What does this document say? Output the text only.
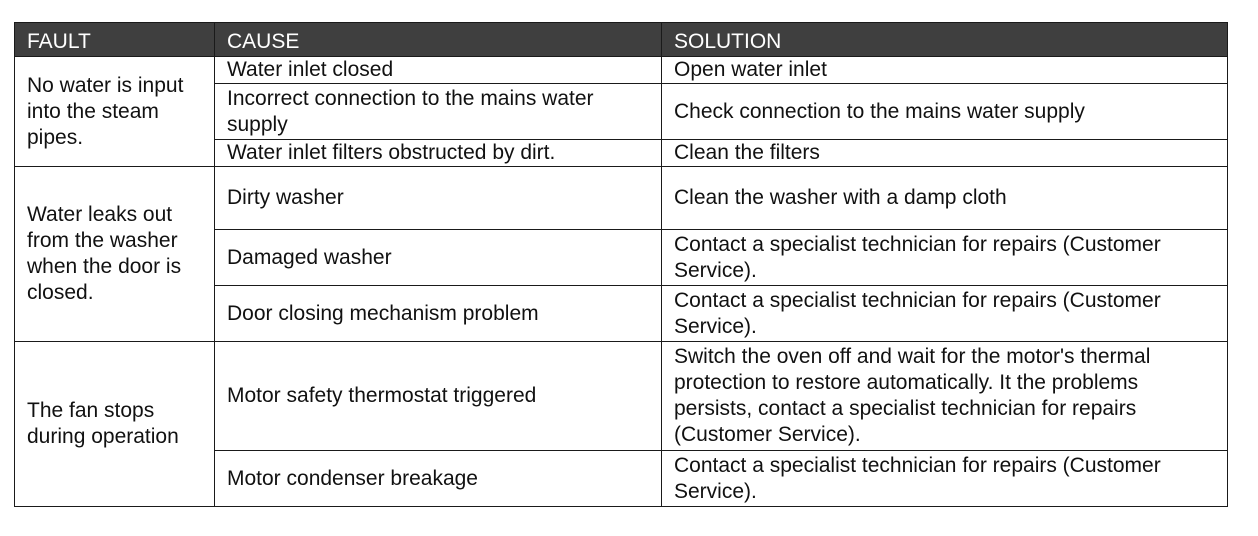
FAULT	CAUSE	SOLUTION
No water is input into the steam pipes.	Water inlet closed	Open water inlet
	Incorrect connection to the mains water supply	Check connection to the mains water supply
	Water inlet filters obstructed by dirt.	Clean the filters
Water leaks out from the washer when the door is closed.	Dirty washer	Clean the washer with a damp cloth
	Damaged washer	Contact a specialist technician for repairs (Customer Service).
	Door closing mechanism problem	Contact a specialist technician for repairs (Customer Service).
The fan stops during operation	Motor safety thermostat triggered	Switch the oven off and wait for the motor's thermal protection to restore automatically. It the problems persists, contact a specialist technician for repairs (Customer Service).
	Motor condenser breakage	Contact a specialist technician for repairs (Customer Service).
